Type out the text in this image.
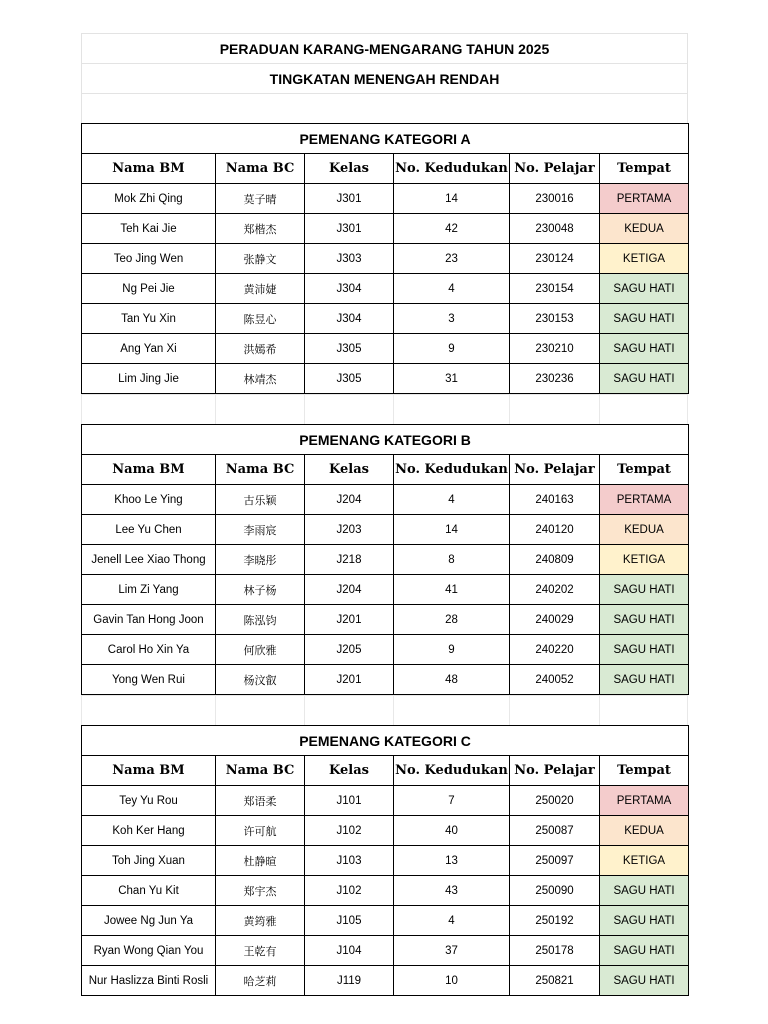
PERADUAN KARANG-MENGARANG TAHUN 2025
TINGKATAN MENENGAH RENDAH
PEMENANG KATEGORI A					
Nama BM	Nama BC	Kelas	No. Kedudukan	No. Pelajar	Tempat
Mok Zhi Qing	莫子晴	J301	14	230016	PERTAMA
Teh Kai Jie	郑楷杰	J301	42	230048	KEDUA
Teo Jing Wen	张静文	J303	23	230124	KETIGA
Ng Pei Jie	黄沛婕	J304	4	230154	SAGU HATI
Tan Yu Xin	陈昱心	J304	3	230153	SAGU HATI
Ang Yan Xi	洪嫣希	J305	9	230210	SAGU HATI
Lim Jing Jie	林靖杰	J305	31	230236	SAGU HATI
PEMENANG KATEGORI B					
Nama BM	Nama BC	Kelas	No. Kedudukan	No. Pelajar	Tempat
Khoo Le Ying	古乐颖	J204	4	240163	PERTAMA
Lee Yu Chen	李雨宸	J203	14	240120	KEDUA
Jenell Lee Xiao Thong	李晓彤	J218	8	240809	KETIGA
Lim Zi Yang	林子杨	J204	41	240202	SAGU HATI
Gavin Tan Hong Joon	陈泓钧	J201	28	240029	SAGU HATI
Carol Ho Xin Ya	何欣雅	J205	9	240220	SAGU HATI
Yong Wen Rui	杨汶叡	J201	48	240052	SAGU HATI
PEMENANG KATEGORI C					
Nama BM	Nama BC	Kelas	No. Kedudukan	No. Pelajar	Tempat
Tey Yu Rou	郑语柔	J101	7	250020	PERTAMA
Koh Ker Hang	许可航	J102	40	250087	KEDUA
Toh Jing Xuan	杜静暄	J103	13	250097	KETIGA
Chan Yu Kit	郑宇杰	J102	43	250090	SAGU HATI
Jowee Ng Jun Ya	黄筠雅	J105	4	250192	SAGU HATI
Ryan Wong Qian You	王乾有	J104	37	250178	SAGU HATI
Nur Haslizza Binti Rosli	哈芝莉	J119	10	250821	SAGU HATI
